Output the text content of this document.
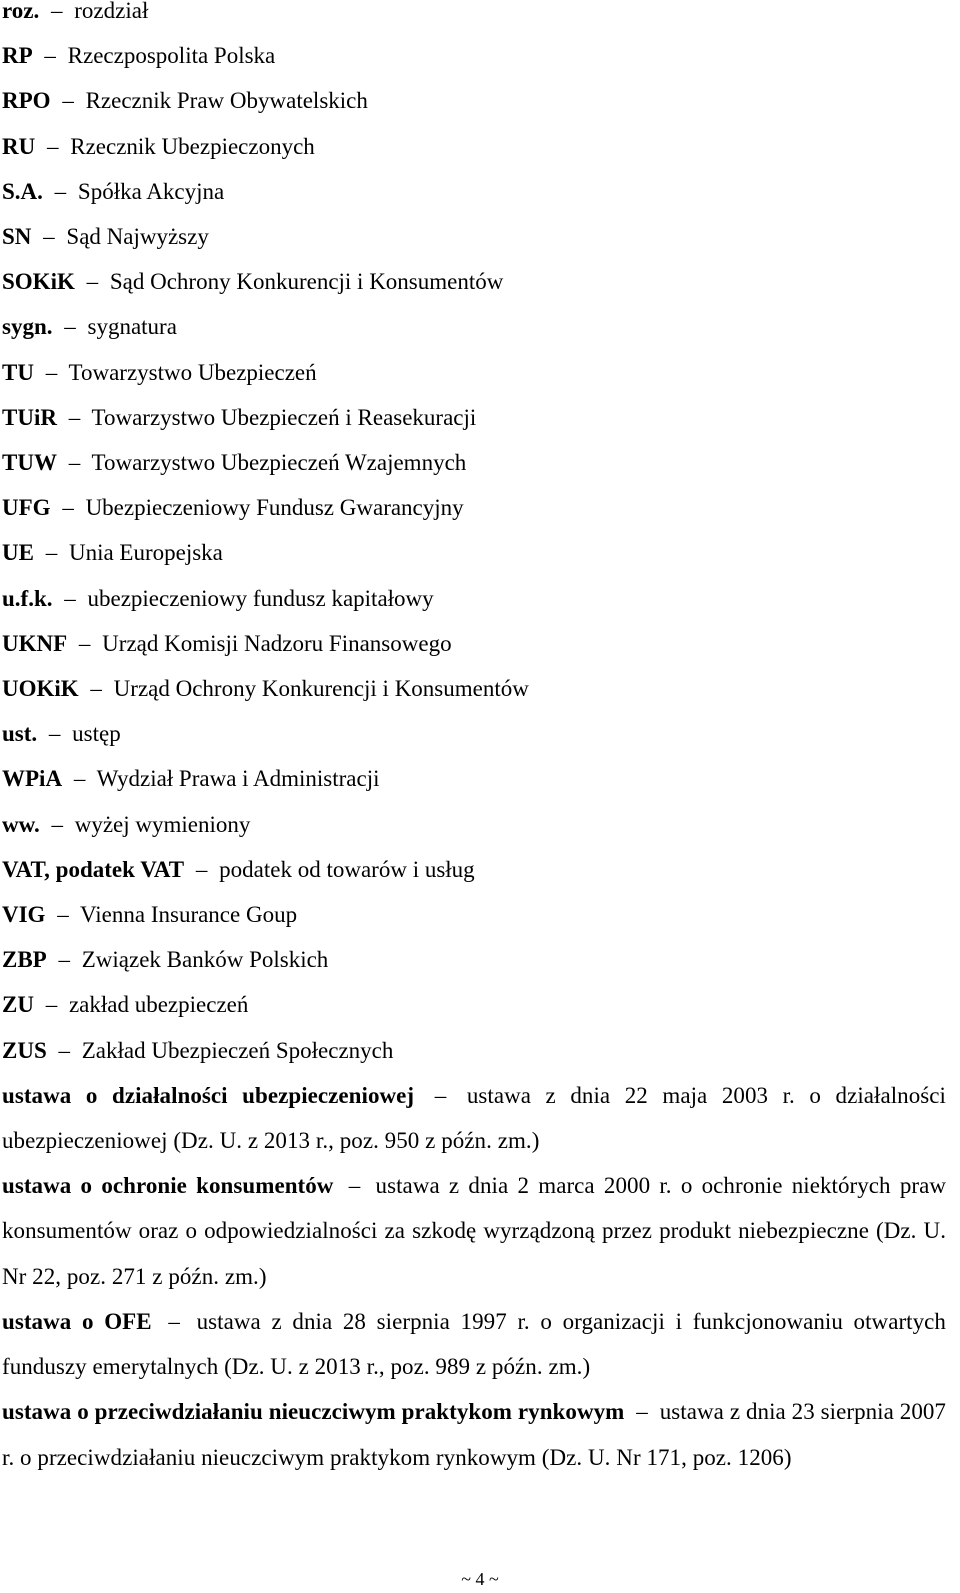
roz. – rozdział
RP – Rzeczpospolita Polska
RPO – Rzecznik Praw Obywatelskich
RU – Rzecznik Ubezpieczonych
S.A. – Spółka Akcyjna
SN – Sąd Najwyższy
SOKiK – Sąd Ochrony Konkurencji i Konsumentów
sygn. – sygnatura
TU – Towarzystwo Ubezpieczeń
TUiR – Towarzystwo Ubezpieczeń i Reasekuracji
TUW – Towarzystwo Ubezpieczeń Wzajemnych
UFG – Ubezpieczeniowy Fundusz Gwarancyjny
UE – Unia Europejska
u.f.k. – ubezpieczeniowy fundusz kapitałowy
UKNF – Urząd Komisji Nadzoru Finansowego
UOKiK – Urząd Ochrony Konkurencji i Konsumentów
ust. – ustęp
WPiA – Wydział Prawa i Administracji
ww. – wyżej wymieniony
VAT, podatek VAT – podatek od towarów i usług
VIG – Vienna Insurance Goup
ZBP – Związek Banków Polskich
ZU – zakład ubezpieczeń
ZUS – Zakład Ubezpieczeń Społecznych
ustawa o działalności ubezpieczeniowej – ustawa z dnia 22 maja 2003 r. o działalności ubezpieczeniowej (Dz. U. z 2013 r., poz. 950 z późn. zm.)
ustawa o ochronie konsumentów – ustawa z dnia 2 marca 2000 r. o ochronie niektórych praw konsumentów oraz o odpowiedzialności za szkodę wyrządzoną przez produkt niebezpieczne (Dz. U. Nr 22, poz. 271 z późn. zm.)
ustawa o OFE – ustawa z dnia 28 sierpnia 1997 r. o organizacji i funkcjonowaniu otwartych funduszy emerytalnych (Dz. U. z 2013 r., poz. 989 z późn. zm.)
ustawa o przeciwdziałaniu nieuczciwym praktykom rynkowym – ustawa z dnia 23 sierpnia 2007 r. o przeciwdziałaniu nieuczciwym praktykom rynkowym (Dz. U. Nr 171, poz. 1206)
~ 4 ~
